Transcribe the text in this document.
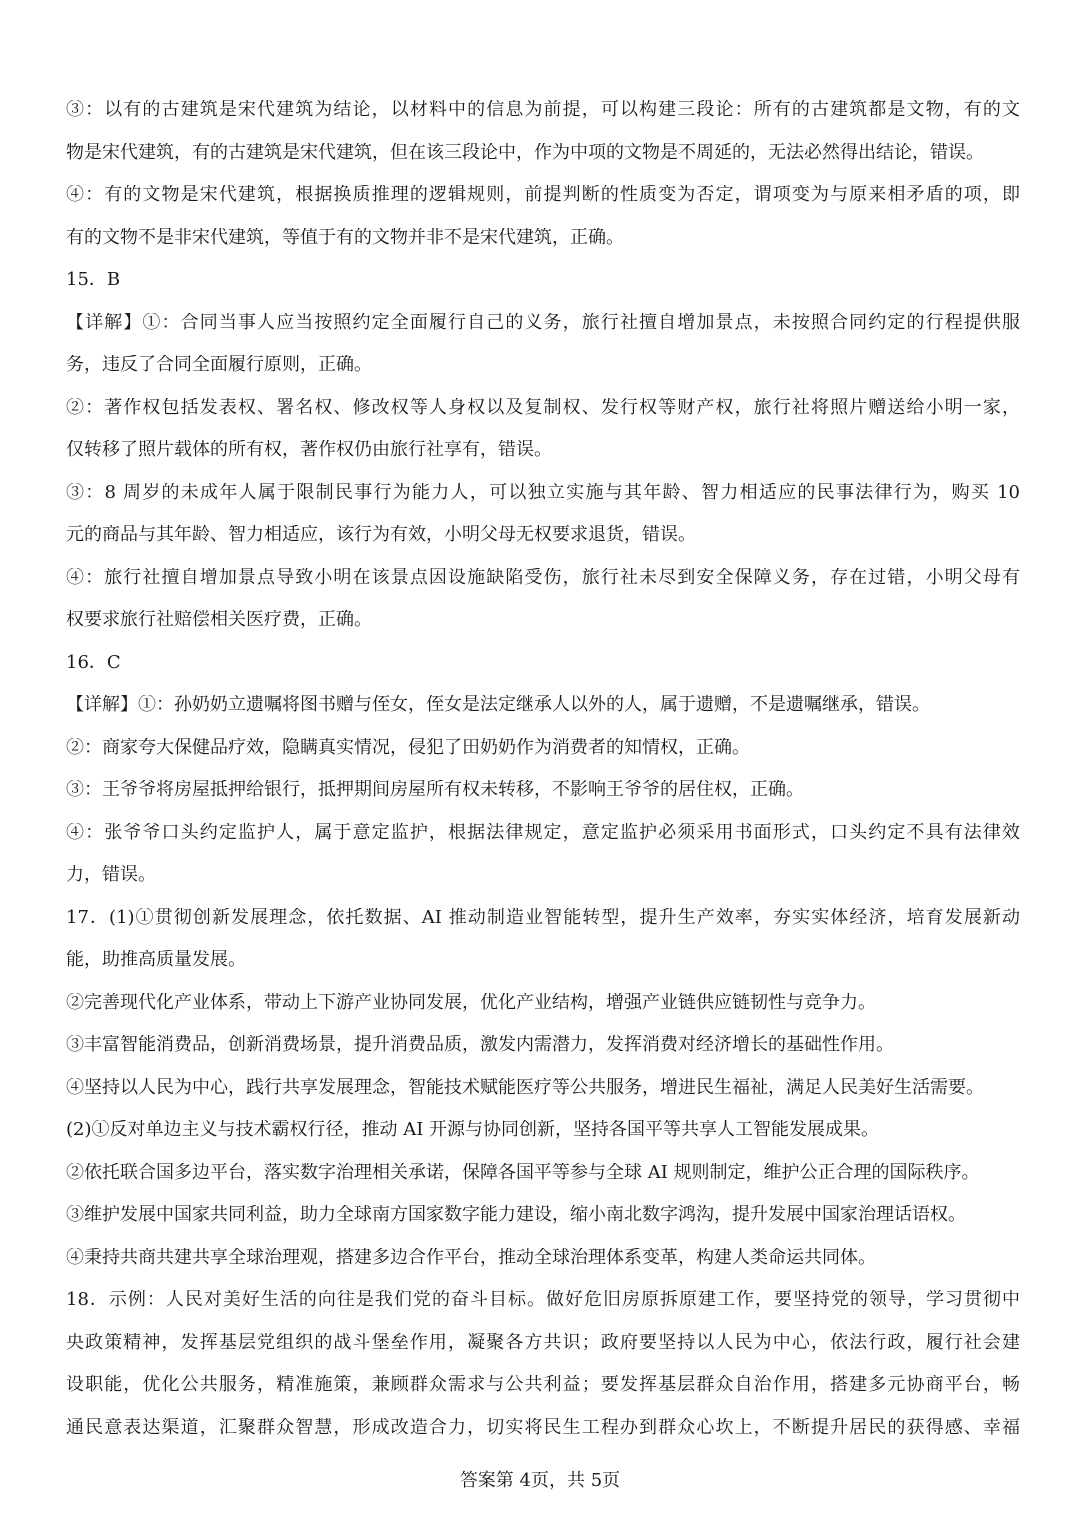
③：以有的古建筑是宋代建筑为结论，以材料中的信息为前提，可以构建三段论：所有的古建筑都是文物，有的文
物是宋代建筑，有的古建筑是宋代建筑，但在该三段论中，作为中项的文物是不周延的，无法必然得出结论，错误。
④：有的文物是宋代建筑，根据换质推理的逻辑规则，前提判断的性质变为否定，谓项变为与原来相矛盾的项，即
有的文物不是非宋代建筑，等值于有的文物并非不是宋代建筑，正确。
15．B
【详解】①：合同当事人应当按照约定全面履行自己的义务，旅行社擅自增加景点，未按照合同约定的行程提供服
务，违反了合同全面履行原则，正确。
②：著作权包括发表权、署名权、修改权等人身权以及复制权、发行权等财产权，旅行社将照片赠送给小明一家，
仅转移了照片载体的所有权，著作权仍由旅行社享有，错误。
③：8 周岁的未成年人属于限制民事行为能力人，可以独立实施与其年龄、智力相适应的民事法律行为，购买 10
元的商品与其年龄、智力相适应，该行为有效，小明父母无权要求退货，错误。
④：旅行社擅自增加景点导致小明在该景点因设施缺陷受伤，旅行社未尽到安全保障义务，存在过错，小明父母有
权要求旅行社赔偿相关医疗费，正确。
16．C
【详解】①：孙奶奶立遗嘱将图书赠与侄女，侄女是法定继承人以外的人，属于遗赠，不是遗嘱继承，错误。
②：商家夸大保健品疗效，隐瞒真实情况，侵犯了田奶奶作为消费者的知情权，正确。
③：王爷爷将房屋抵押给银行，抵押期间房屋所有权未转移，不影响王爷爷的居住权，正确。
④：张爷爷口头约定监护人，属于意定监护，根据法律规定，意定监护必须采用书面形式，口头约定不具有法律效
力，错误。
17．(1)①贯彻创新发展理念，依托数据、AI 推动制造业智能转型，提升生产效率，夯实实体经济，培育发展新动
能，助推高质量发展。
②完善现代化产业体系，带动上下游产业协同发展，优化产业结构，增强产业链供应链韧性与竞争力。
③丰富智能消费品，创新消费场景，提升消费品质，激发内需潜力，发挥消费对经济增长的基础性作用。
④坚持以人民为中心，践行共享发展理念，智能技术赋能医疗等公共服务，增进民生福祉，满足人民美好生活需要。
(2)①反对单边主义与技术霸权行径，推动 AI 开源与协同创新，坚持各国平等共享人工智能发展成果。
②依托联合国多边平台，落实数字治理相关承诺，保障各国平等参与全球 AI 规则制定，维护公正合理的国际秩序。
③维护发展中国家共同利益，助力全球南方国家数字能力建设，缩小南北数字鸿沟，提升发展中国家治理话语权。
④秉持共商共建共享全球治理观，搭建多边合作平台，推动全球治理体系变革，构建人类命运共同体。
18．示例：人民对美好生活的向往是我们党的奋斗目标。做好危旧房原拆原建工作，要坚持党的领导，学习贯彻中
央政策精神，发挥基层党组织的战斗堡垒作用，凝聚各方共识；政府要坚持以人民为中心，依法行政，履行社会建
设职能，优化公共服务，精准施策，兼顾群众需求与公共利益；要发挥基层群众自治作用，搭建多元协商平台，畅
通民意表达渠道，汇聚群众智慧，形成改造合力，切实将民生工程办到群众心坎上，不断提升居民的获得感、幸福
答案第 4页，共 5页
